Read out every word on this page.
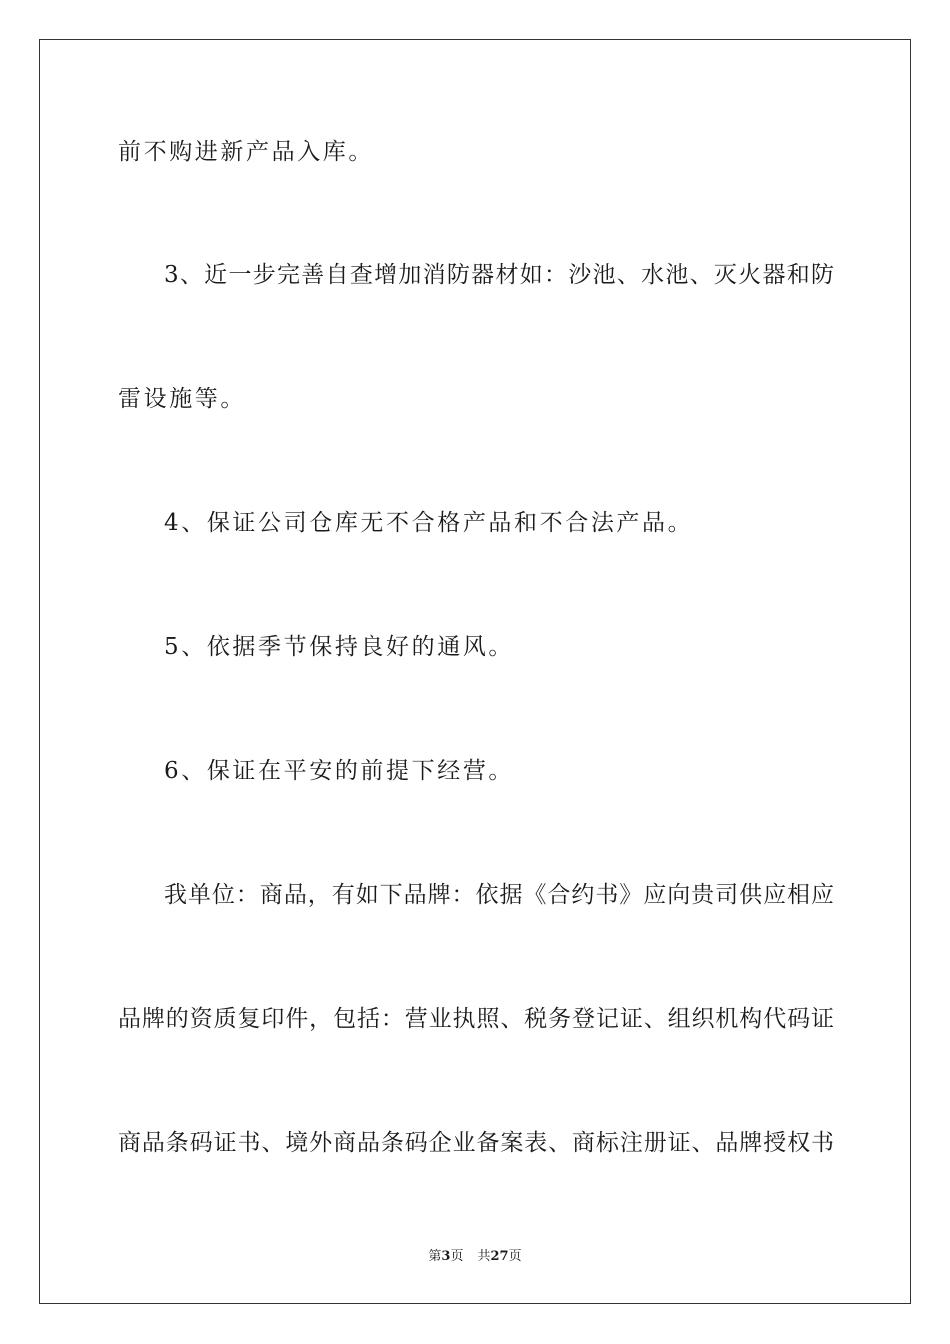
前不购进新产品入库。
3、近一步完善自查增加消防器材如：沙池、水池、灭火器和防
雷设施等。
4、保证公司仓库无不合格产品和不合法产品。
5、依据季节保持良好的通风。
6、保证在平安的前提下经营。
我单位：商品，有如下品牌：依据《合约书》应向贵司供应相应
品牌的资质复印件，包括：营业执照、税务登记证、组织机构代码证
商品条码证书、境外商品条码企业备案表、商标注册证、品牌授权书
第3页 共27页
